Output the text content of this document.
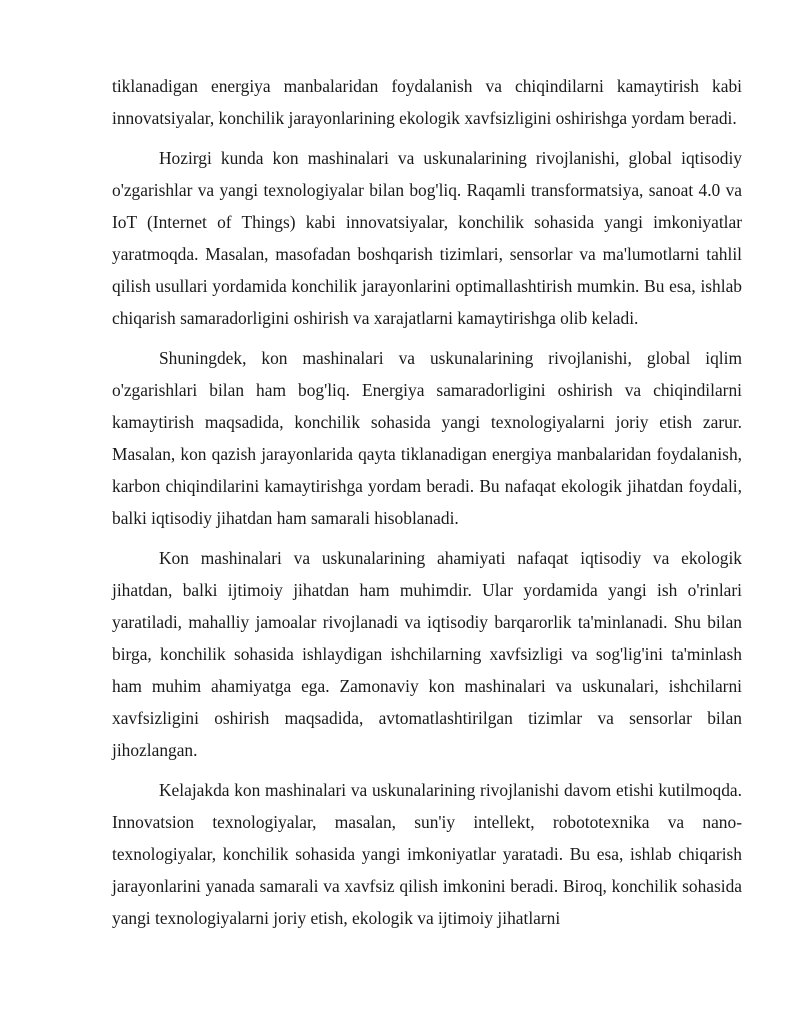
tiklanadigan energiya manbalaridan foydalanish va chiqindilarni kamaytirish kabi innovatsiyalar, konchilik jarayonlarining ekologik xavfsizligini oshirishga yordam beradi.

Hozirgi kunda kon mashinalari va uskunalarining rivojlanishi, global iqtisodiy o'zgarishlar va yangi texnologiyalar bilan bog'liq. Raqamli transformatsiya, sanoat 4.0 va IoT (Internet of Things) kabi innovatsiyalar, konchilik sohasida yangi imkoniyatlar yaratmoqda. Masalan, masofadan boshqarish tizimlari, sensorlar va ma'lumotlarni tahlil qilish usullari yordamida konchilik jarayonlarini optimallashtirish mumkin. Bu esa, ishlab chiqarish samaradorligini oshirish va xarajatlarni kamaytirishga olib keladi.

Shuningdek, kon mashinalari va uskunalarining rivojlanishi, global iqlim o'zgarishlari bilan ham bog'liq. Energiya samaradorligini oshirish va chiqindilarni kamaytirish maqsadida, konchilik sohasida yangi texnologiyalarni joriy etish zarur. Masalan, kon qazish jarayonlarida qayta tiklanadigan energiya manbalaridan foydalanish, karbon chiqindilarini kamaytirishga yordam beradi. Bu nafaqat ekologik jihatdan foydali, balki iqtisodiy jihatdan ham samarali hisoblanadi.

Kon mashinalari va uskunalarining ahamiyati nafaqat iqtisodiy va ekologik jihatdan, balki ijtimoiy jihatdan ham muhimdir. Ular yordamida yangi ish o'rinlari yaratiladi, mahalliy jamoalar rivojlanadi va iqtisodiy barqarorlik ta'minlanadi. Shu bilan birga, konchilik sohasida ishlaydigan ishchilarning xavfsizligi va sog'lig'ini ta'minlash ham muhim ahamiyatga ega. Zamonaviy kon mashinalari va uskunalari, ishchilarni xavfsizligini oshirish maqsadida, avtomatlashtirilgan tizimlar va sensorlar bilan jihozlangan.

Kelajakda kon mashinalari va uskunalarining rivojlanishi davom etishi kutilmoqda. Innovatsion texnologiyalar, masalan, sun'iy intellekt, robototexnika va nano-texnologiyalar, konchilik sohasida yangi imkoniyatlar yaratadi. Bu esa, ishlab chiqarish jarayonlarini yanada samarali va xavfsiz qilish imkonini beradi. Biroq, konchilik sohasida yangi texnologiyalarni joriy etish, ekologik va ijtimoiy jihatlarni
